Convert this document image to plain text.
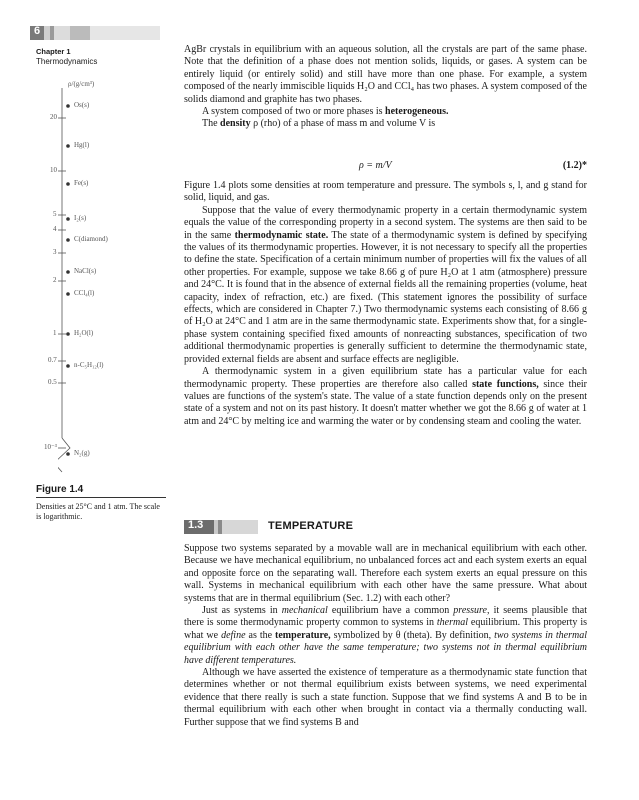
6
Chapter 1
Thermodynamics
ρ/(g/cm³)
20
10
5
4
3
2
1
0.7
0.5
10⁻³
Os(s)
Hg(l)
Fe(s)
I₂(s)
C(diamond)
NaCl(s)
CCl₄(l)
H₂O(l)
n-C₅H₁₂(l)
N₂(g)
Figure 1.4
Densities at 25°C and 1 atm. The scale is logarithmic.

AgBr crystals in equilibrium with an aqueous solution, all the crystals are part of the same phase. Note that the definition of a phase does not mention solids, liquids, or gases. A system can be entirely liquid (or entirely solid) and still have more than one phase. For example, a system composed of the nearly immiscible liquids H₂O and CCl₄ has two phases. A system composed of the solids diamond and graphite has two phases.

A system composed of two or more phases is heterogeneous.

The density ρ (rho) of a phase of mass m and volume V is

ρ = m/V	(1.2)*

Figure 1.4 plots some densities at room temperature and pressure. The symbols s, l, and g stand for solid, liquid, and gas.

Suppose that the value of every thermodynamic property in a certain thermodynamic system equals the value of the corresponding property in a second system. The systems are then said to be in the same thermodynamic state. The state of a thermodynamic system is defined by specifying the values of its thermodynamic properties. However, it is not necessary to specify all the properties to define the state. Specification of a certain minimum number of properties will fix the values of all other properties. For example, suppose we take 8.66 g of pure H₂O at 1 atm (atmosphere) pressure and 24°C. It is found that in the absence of external fields all the remaining properties (volume, heat capacity, index of refraction, etc.) are fixed. (This statement ignores the possibility of surface effects, which are considered in Chapter 7.) Two thermodynamic systems each consisting of 8.66 g of H₂O at 24°C and 1 atm are in the same thermodynamic state. Experiments show that, for a single-phase system containing specified fixed amounts of nonreacting substances, specification of two additional thermodynamic properties is generally sufficient to determine the thermodynamic state, provided external fields are absent and surface effects are negligible.

A thermodynamic system in a given equilibrium state has a particular value for each thermodynamic property. These properties are therefore also called state functions, since their values are functions of the system's state. The value of a state function depends only on the present state of a system and not on its past history. It doesn't matter whether we got the 8.66 g of water at 1 atm and 24°C by melting ice and warming the water or by condensing steam and cooling the water.

1.3	TEMPERATURE

Suppose two systems separated by a movable wall are in mechanical equilibrium with each other. Because we have mechanical equilibrium, no unbalanced forces act and each system exerts an equal and opposite force on the separating wall. Therefore each system exerts an equal pressure on this wall. Systems in mechanical equilibrium with each other have the same pressure. What about systems that are in thermal equilibrium (Sec. 1.2) with each other?

Just as systems in mechanical equilibrium have a common pressure, it seems plausible that there is some thermodynamic property common to systems in thermal equilibrium. This property is what we define as the temperature, symbolized by θ (theta). By definition, two systems in thermal equilibrium with each other have the same temperature; two systems not in thermal equilibrium have different temperatures.

Although we have asserted the existence of temperature as a thermodynamic state function that determines whether or not thermal equilibrium exists between systems, we need experimental evidence that there really is such a state function. Suppose that we find systems A and B to be in thermal equilibrium with each other when brought in contact via a thermally conducting wall. Further suppose that we find systems B and
